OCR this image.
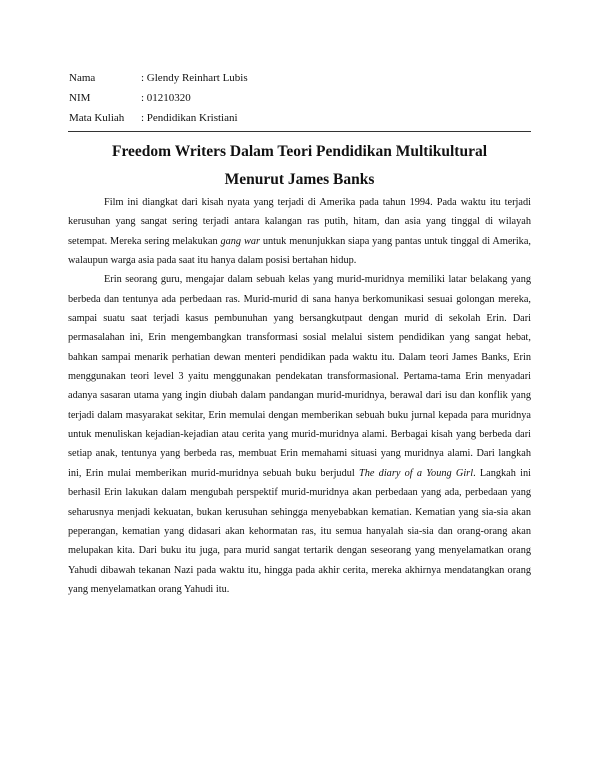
Nama	: Glendy Reinhart Lubis
NIM	: 01210320
Mata Kuliah	: Pendidikan Kristiani
Freedom Writers Dalam Teori Pendidikan Multikultural
Menurut James Banks

Film ini diangkat dari kisah nyata yang terjadi di Amerika pada tahun 1994. Pada waktu itu terjadi kerusuhan yang sangat sering terjadi antara kalangan ras putih, hitam, dan asia yang tinggal di wilayah setempat. Mereka sering melakukan gang war untuk menunjukkan siapa yang pantas untuk tinggal di Amerika, walaupun warga asia pada saat itu hanya dalam posisi bertahan hidup.

Erin seorang guru, mengajar dalam sebuah kelas yang murid-muridnya memiliki latar belakang yang berbeda dan tentunya ada perbedaan ras. Murid-murid di sana hanya berkomunikasi sesuai golongan mereka, sampai suatu saat terjadi kasus pembunuhan yang bersangkutpaut dengan murid di sekolah Erin. Dari permasalahan ini, Erin mengembangkan transformasi sosial melalui sistem pendidikan yang sangat hebat, bahkan sampai menarik perhatian dewan menteri pendidikan pada waktu itu. Dalam teori James Banks, Erin menggunakan teori level 3 yaitu menggunakan pendekatan transformasional. Pertama-tama Erin menyadari adanya sasaran utama yang ingin diubah dalam pandangan murid-muridnya, berawal dari isu dan konflik yang terjadi dalam masyarakat sekitar, Erin memulai dengan memberikan sebuah buku jurnal kepada para muridnya untuk menuliskan kejadian-kejadian atau cerita yang murid-muridnya alami. Berbagai kisah yang berbeda dari setiap anak, tentunya yang berbeda ras, membuat Erin memahami situasi yang muridnya alami. Dari langkah ini, Erin mulai memberikan murid-muridnya sebuah buku berjudul The diary of a Young Girl. Langkah ini berhasil Erin lakukan dalam mengubah perspektif murid-muridnya akan perbedaan yang ada, perbedaan yang seharusnya menjadi kekuatan, bukan kerusuhan sehingga menyebabkan kematian. Kematian yang sia-sia akan peperangan, kematian yang didasari akan kehormatan ras, itu semua hanyalah sia-sia dan orang-orang akan melupakan kita. Dari buku itu juga, para murid sangat tertarik dengan seseorang yang menyelamatkan orang Yahudi dibawah tekanan Nazi pada waktu itu, hingga pada akhir cerita, mereka akhirnya mendatangkan orang yang menyelamatkan orang Yahudi itu.
